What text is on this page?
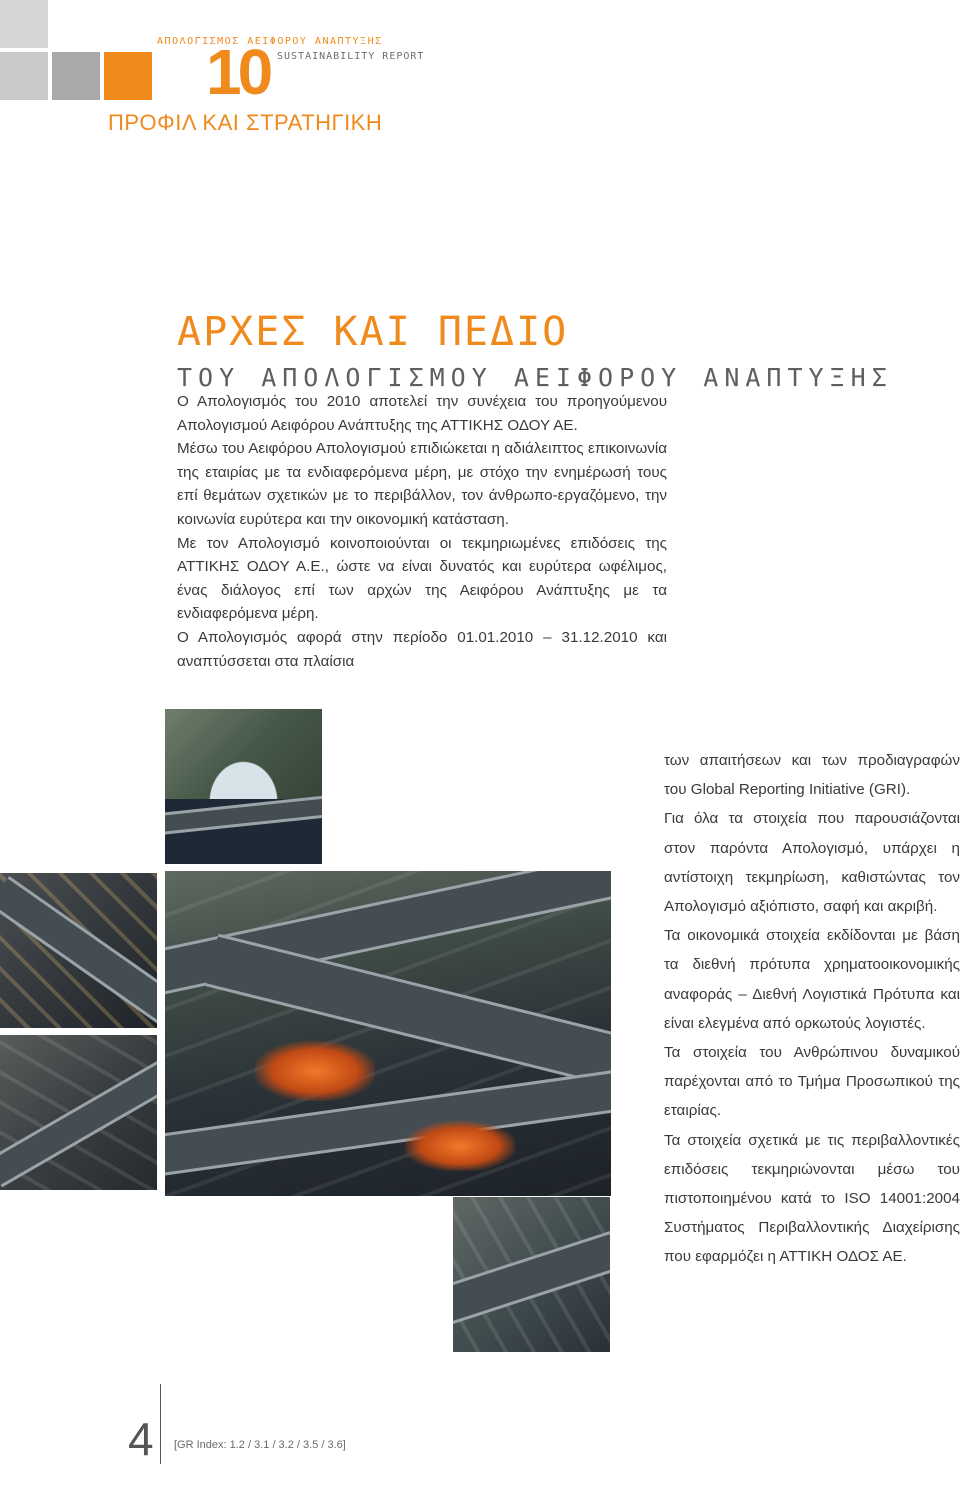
ΑΠΟΛΟΓΙΣΜΟΣ ΑΕΙΦΟΡΟΥ ΑΝΑΠΤΥΞΗΣ
10 SUSTAINABILITY REPORT
ΠΡΟΦΙΛ ΚΑΙ ΣΤΡΑΤΗΓΙΚΗ
ΑΡΧΕΣ ΚΑΙ ΠΕΔΙΟ
ΤΟΥ ΑΠΟΛΟΓΙΣΜΟΥ ΑΕΙΦΟΡΟΥ ΑΝΑΠΤΥΞΗΣ

Ο Απολογισμός του 2010 αποτελεί την συνέχεια του προηγούμενου Απολογισμού Αειφόρου Ανάπτυξης της ΑΤΤΙΚΗΣ ΟΔΟΥ ΑΕ.

Μέσω του Αειφόρου Απολογισμού επιδιώκεται η αδιάλειπτος επικοινωνία της εταιρίας με τα ενδιαφερόμενα μέρη, με στόχο την ενημέρωσή τους επί θεμάτων σχετικών με το περιβάλλον, τον άνθρωπο-εργαζόμενο, την κοινωνία ευρύτερα και την οικονομική κατάσταση.

Με τον Απολογισμό κοινοποιούνται οι τεκμηριωμένες επιδόσεις της ΑΤΤΙΚΗΣ ΟΔΟΥ Α.Ε., ώστε να είναι δυνατός και ευρύτερα ωφέλιμος, ένας διάλογος επί των αρχών της Αειφόρου Ανάπτυξης με τα ενδιαφερόμενα μέρη.

Ο Απολογισμός αφορά στην περίοδο 01.01.2010 – 31.12.2010 και αναπτύσσεται στα πλαίσια

των απαιτήσεων και των προδιαγραφών του Global Reporting Initiative (GRI).

Για όλα τα στοιχεία που παρουσιάζονται στον παρόντα Απολογισμό, υπάρχει η αντίστοιχη τεκμηρίωση, καθιστώντας τον Απολογισμό αξιόπιστο, σαφή και ακριβή.

Τα οικονομικά στοιχεία εκδίδονται με βάση τα διεθνή πρότυπα χρηματοοικονομικής αναφοράς – Διεθνή Λογιστικά Πρότυπα και είναι ελεγμένα από ορκωτούς λογιστές.

Τα στοιχεία του Ανθρώπινου δυναμικού παρέχονται από το Τμήμα Προσωπικού της εταιρίας.

Τα στοιχεία σχετικά με τις περιβαλλοντικές επιδόσεις τεκμηριώνονται μέσω του πιστοποιημένου κατά το ISO 14001:2004 Συστήματος Περιβαλλοντικής Διαχείρισης που εφαρμόζει η ΑΤΤΙΚΗ ΟΔΟΣ ΑΕ.

4 [GR Index: 1.2 / 3.1 / 3.2 / 3.5 / 3.6]
